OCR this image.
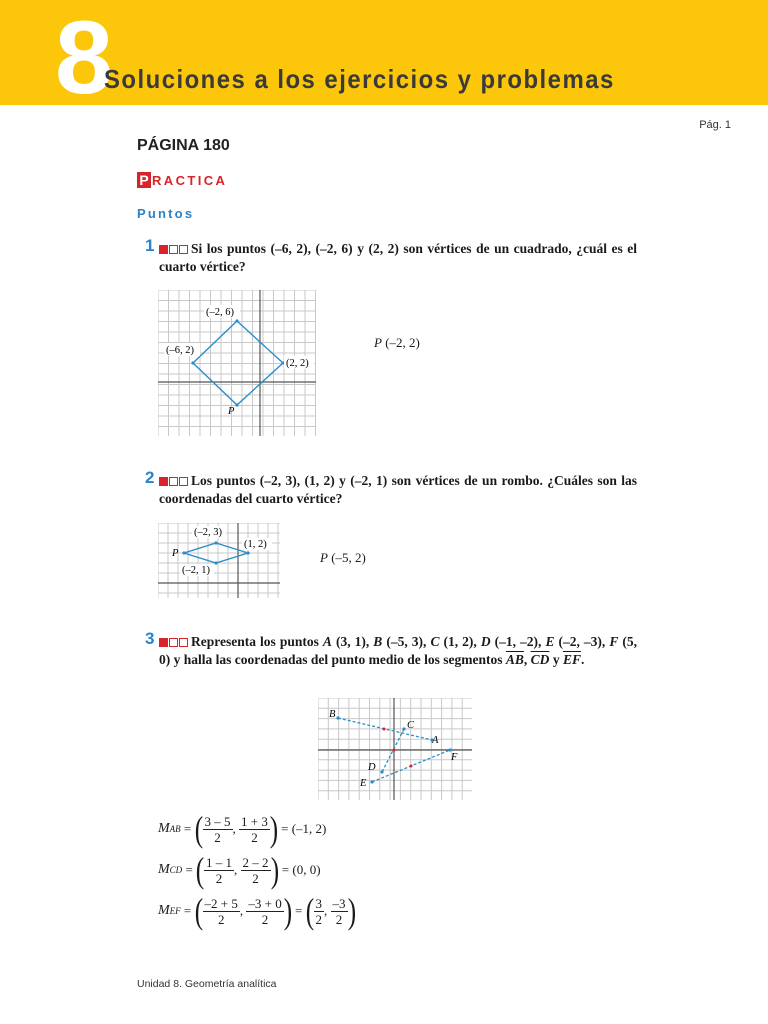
8
Soluciones a los ejercicios y problemas
Pág. 1
PÁGINA 180
P RACTICA
Puntos
1	Si los puntos (–6, 2), (–2, 6) y (2, 2) son vértices de un cuadrado, ¿cuál es el cuarto vértice?
(–2, 6)
(–6, 2)
(2, 2)
P
P (–2, 2)
2	Los puntos (–2, 3), (1, 2) y (–2, 1) son vértices de un rombo. ¿Cuáles son las coordenadas del cuarto vértice?
(–2, 3)
(1, 2)
(–2, 1)
P	P (–5, 2)
3	Representa los puntos A (3, 1), B (–5, 3), C (1, 2), D (–1, –2), E (–2, –3), F (5, 0) y halla las coordenadas del punto medio de los segmentos $\overline{AB}$, $\overline{CD}$ y $\overline{EF}$.
B
C
A
F
D
E
M AB = ( $\frac{3 - 5}{2}$ , $\frac{1 + 3}{2}$ )
= (–1, 2)
M CD = ( $\frac{1 - 1}{2}$ , $\frac{2 - 2}{2}$ )
= (0, 0)
M EF = ( $\frac{-2 + 5}{2}$ , $\frac{-3 + 0}{2}$ ) = ( $\frac{3}{2}$ , $\frac{-3}{2}$ )
Unidad 8. Geometría analítica
